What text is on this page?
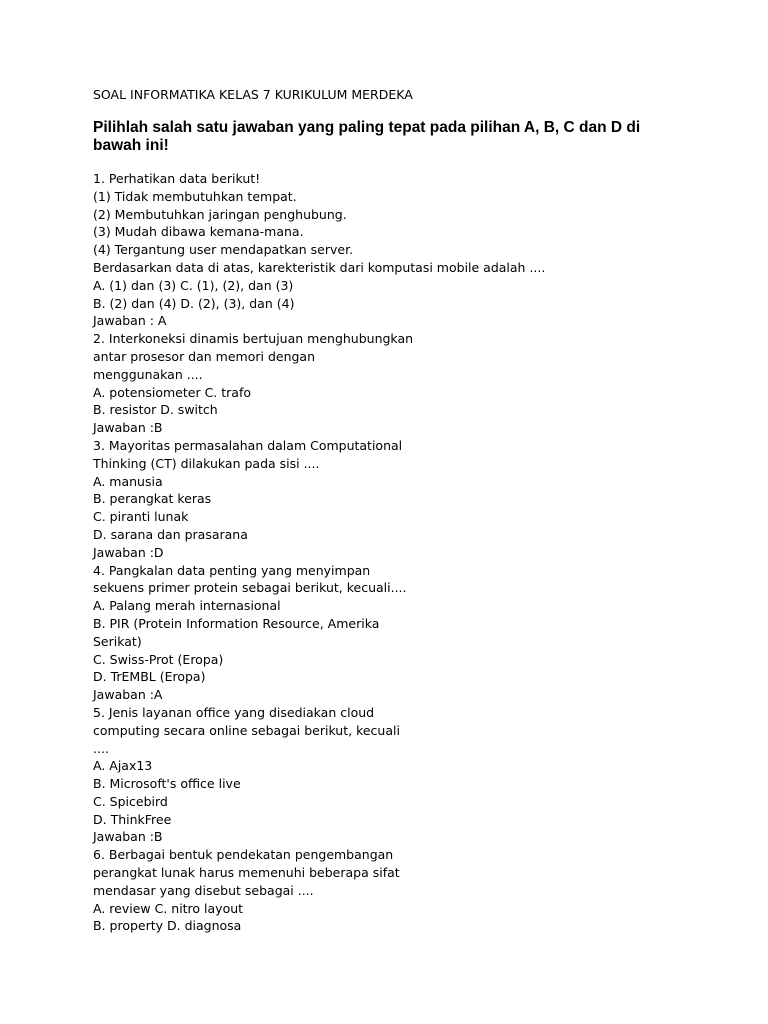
SOAL INFORMATIKA KELAS 7 KURIKULUM MERDEKA
Pilihlah salah satu jawaban yang paling tepat pada pilihan A, B, C dan D di bawah ini!
1. Perhatikan data berikut!
(1) Tidak membutuhkan tempat.
(2) Membutuhkan jaringan penghubung.
(3) Mudah dibawa kemana-mana.
(4) Tergantung user mendapatkan server.
Berdasarkan data di atas, karekteristik dari komputasi mobile adalah ....
A. (1) dan (3) C. (1), (2), dan (3)
B. (2) dan (4) D. (2), (3), dan (4)
Jawaban : A
2. Interkoneksi dinamis bertujuan menghubungkan
antar prosesor dan memori dengan
menggunakan ....
A. potensiometer C. trafo
B. resistor D. switch
Jawaban :B
3. Mayoritas permasalahan dalam Computational
Thinking (CT) dilakukan pada sisi ....
A. manusia
B. perangkat keras
C. piranti lunak
D. sarana dan prasarana
Jawaban :D
4. Pangkalan data penting yang menyimpan
sekuens primer protein sebagai berikut, kecuali....
A. Palang merah internasional
B. PIR (Protein Information Resource, Amerika
Serikat)
C. Swiss-Prot (Eropa)
D. TrEMBL (Eropa)
Jawaban :A
5. Jenis layanan office yang disediakan cloud
computing secara online sebagai berikut, kecuali
....
A. Ajax13
B. Microsoft's office live
C. Spicebird
D. ThinkFree
Jawaban :B
6. Berbagai bentuk pendekatan pengembangan
perangkat lunak harus memenuhi beberapa sifat
mendasar yang disebut sebagai ....
A. review C. nitro layout
B. property D. diagnosa
